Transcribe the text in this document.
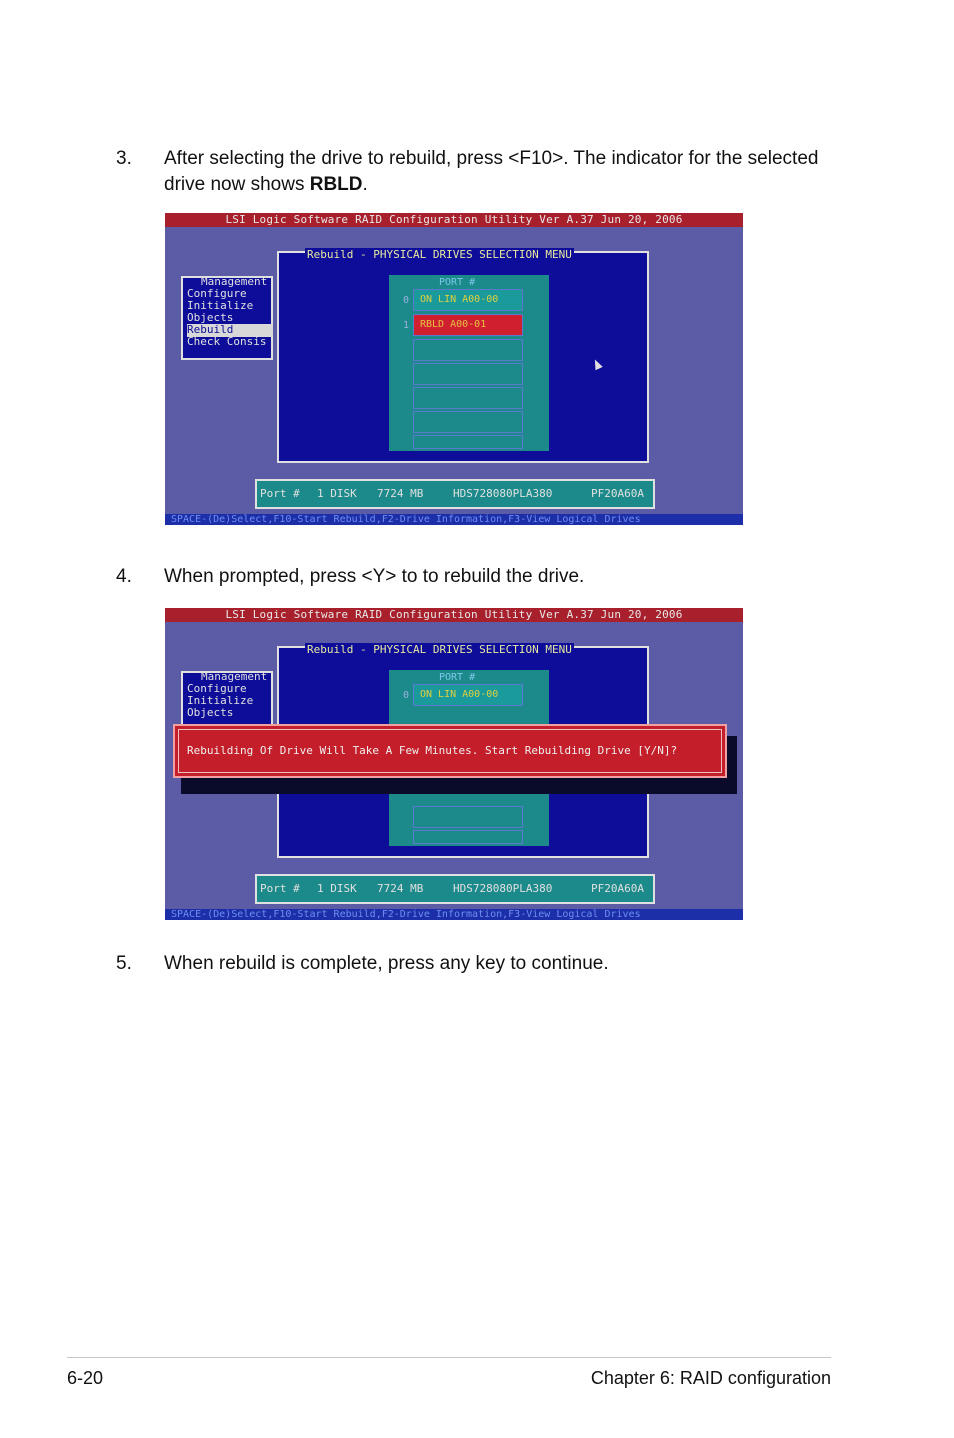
3. After selecting the drive to rebuild, press <F10>. The indicator for the selected drive now shows RBLD.
LSI Logic Software RAID Configuration Utility Ver A.37 Jun 20, 2006
Rebuild - PHYSICAL DRIVES SELECTION MENU
Management
Configure
Initialize
Objects
Rebuild
Check Consis
PORT #
0	ON LIN A00-00
1	RBLD A00-01
Port # 1 DISK 7724 MB	HDS728080PLA380	PF20A60A
SPACE-(De)Select,F10-Start Rebuild,F2-Drive Information,F3-View Logical Drives
4. When prompted, press <Y> to to rebuild the drive.
LSI Logic Software RAID Configuration Utility Ver A.37 Jun 20, 2006
Rebuild - PHYSICAL DRIVES SELECTION MENU
Management
Configure
Initialize
Objects
PORT #
0	ON LIN A00-00
Rebuilding Of Drive Will Take A Few Minutes. Start Rebuilding Drive [Y/N]?
Port # 1 DISK 7724 MB	HDS728080PLA380	PF20A60A
SPACE-(De)Select,F10-Start Rebuild,F2-Drive Information,F3-View Logical Drives
5. When rebuild is complete, press any key to continue.
6-20	Chapter 6: RAID configuration
